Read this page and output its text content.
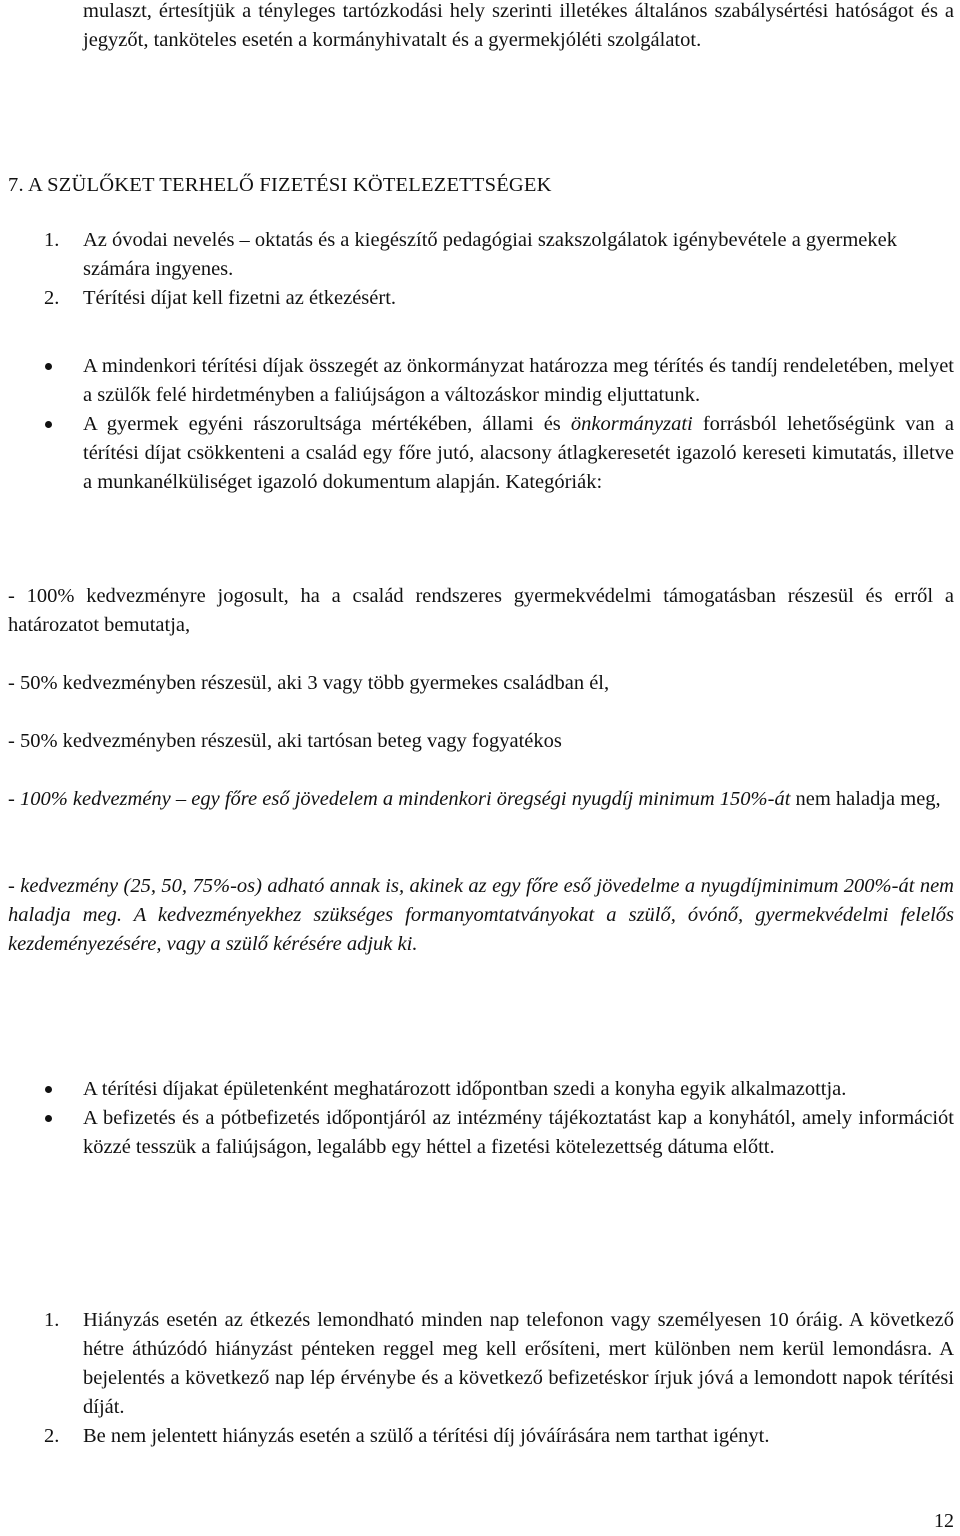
mulaszt, értesítjük a tényleges tartózkodási hely szerinti illetékes általános szabálysértési hatóságot és a jegyzőt, tanköteles esetén a kormányhivatalt és a gyermekjóléti szolgálatot.

7. A SZÜLŐKET TERHELŐ FIZETÉSI KÖTELEZETTSÉGEK

1.	Az óvodai nevelés – oktatás és a kiegészítő pedagógiai szakszolgálatok igénybevétele a gyermekek számára ingyenes.
2.	Térítési díjat kell fizetni az étkezésért.
A mindenkori térítési díjak összegét az önkormányzat határozza meg térítés és tandíj rendeletében, melyet a szülők felé hirdetményben a faliújságon a változáskor mindig eljuttatunk.
A gyermek egyéni rászorultsága mértékében, állami és önkormányzati forrásból lehetőségünk van a térítési díjat csökkenteni a család egy főre jutó, alacsony átlagkeresetét igazoló kereseti kimutatás, illetve a munkanélküliséget igazoló dokumentum alapján. Kategóriák:

- 100% kedvezményre jogosult, ha a család rendszeres gyermekvédelmi támogatásban részesül és erről a határozatot bemutatja,

- 50% kedvezményben részesül, aki 3 vagy több gyermekes családban él,

- 50% kedvezményben részesül, aki tartósan beteg vagy fogyatékos

- 100% kedvezmény – egy főre eső jövedelem a mindenkori öregségi nyugdíj minimum 150%-át nem haladja meg,

- kedvezmény (25, 50, 75%-os) adható annak is, akinek az egy főre eső jövedelme a nyugdíjminimum 200%-át nem haladja meg. A kedvezményekhez szükséges formanyomtatványokat a szülő, óvónő, gyermekvédelmi felelős kezdeményezésére, vagy a szülő kérésére adjuk ki.

A térítési díjakat épületenként meghatározott időpontban szedi a konyha egyik alkalmazottja.
A befizetés és a pótbefizetés időpontjáról az intézmény tájékoztatást kap a konyhától, amely információt közzé tesszük a faliújságon, legalább egy héttel a fizetési kötelezettség dátuma előtt.
1.	Hiányzás esetén az étkezés lemondható minden nap telefonon vagy személyesen 10 óráig. A következő hétre áthúzódó hiányzást pénteken reggel meg kell erősíteni, mert különben nem kerül lemondásra. A bejelentés a következő nap lép érvénybe és a következő befizetéskor írjuk jóvá a lemondott napok térítési díját.
2.	Be nem jelentett hiányzás esetén a szülő a térítési díj jóváírására nem tarthat igényt.
12
